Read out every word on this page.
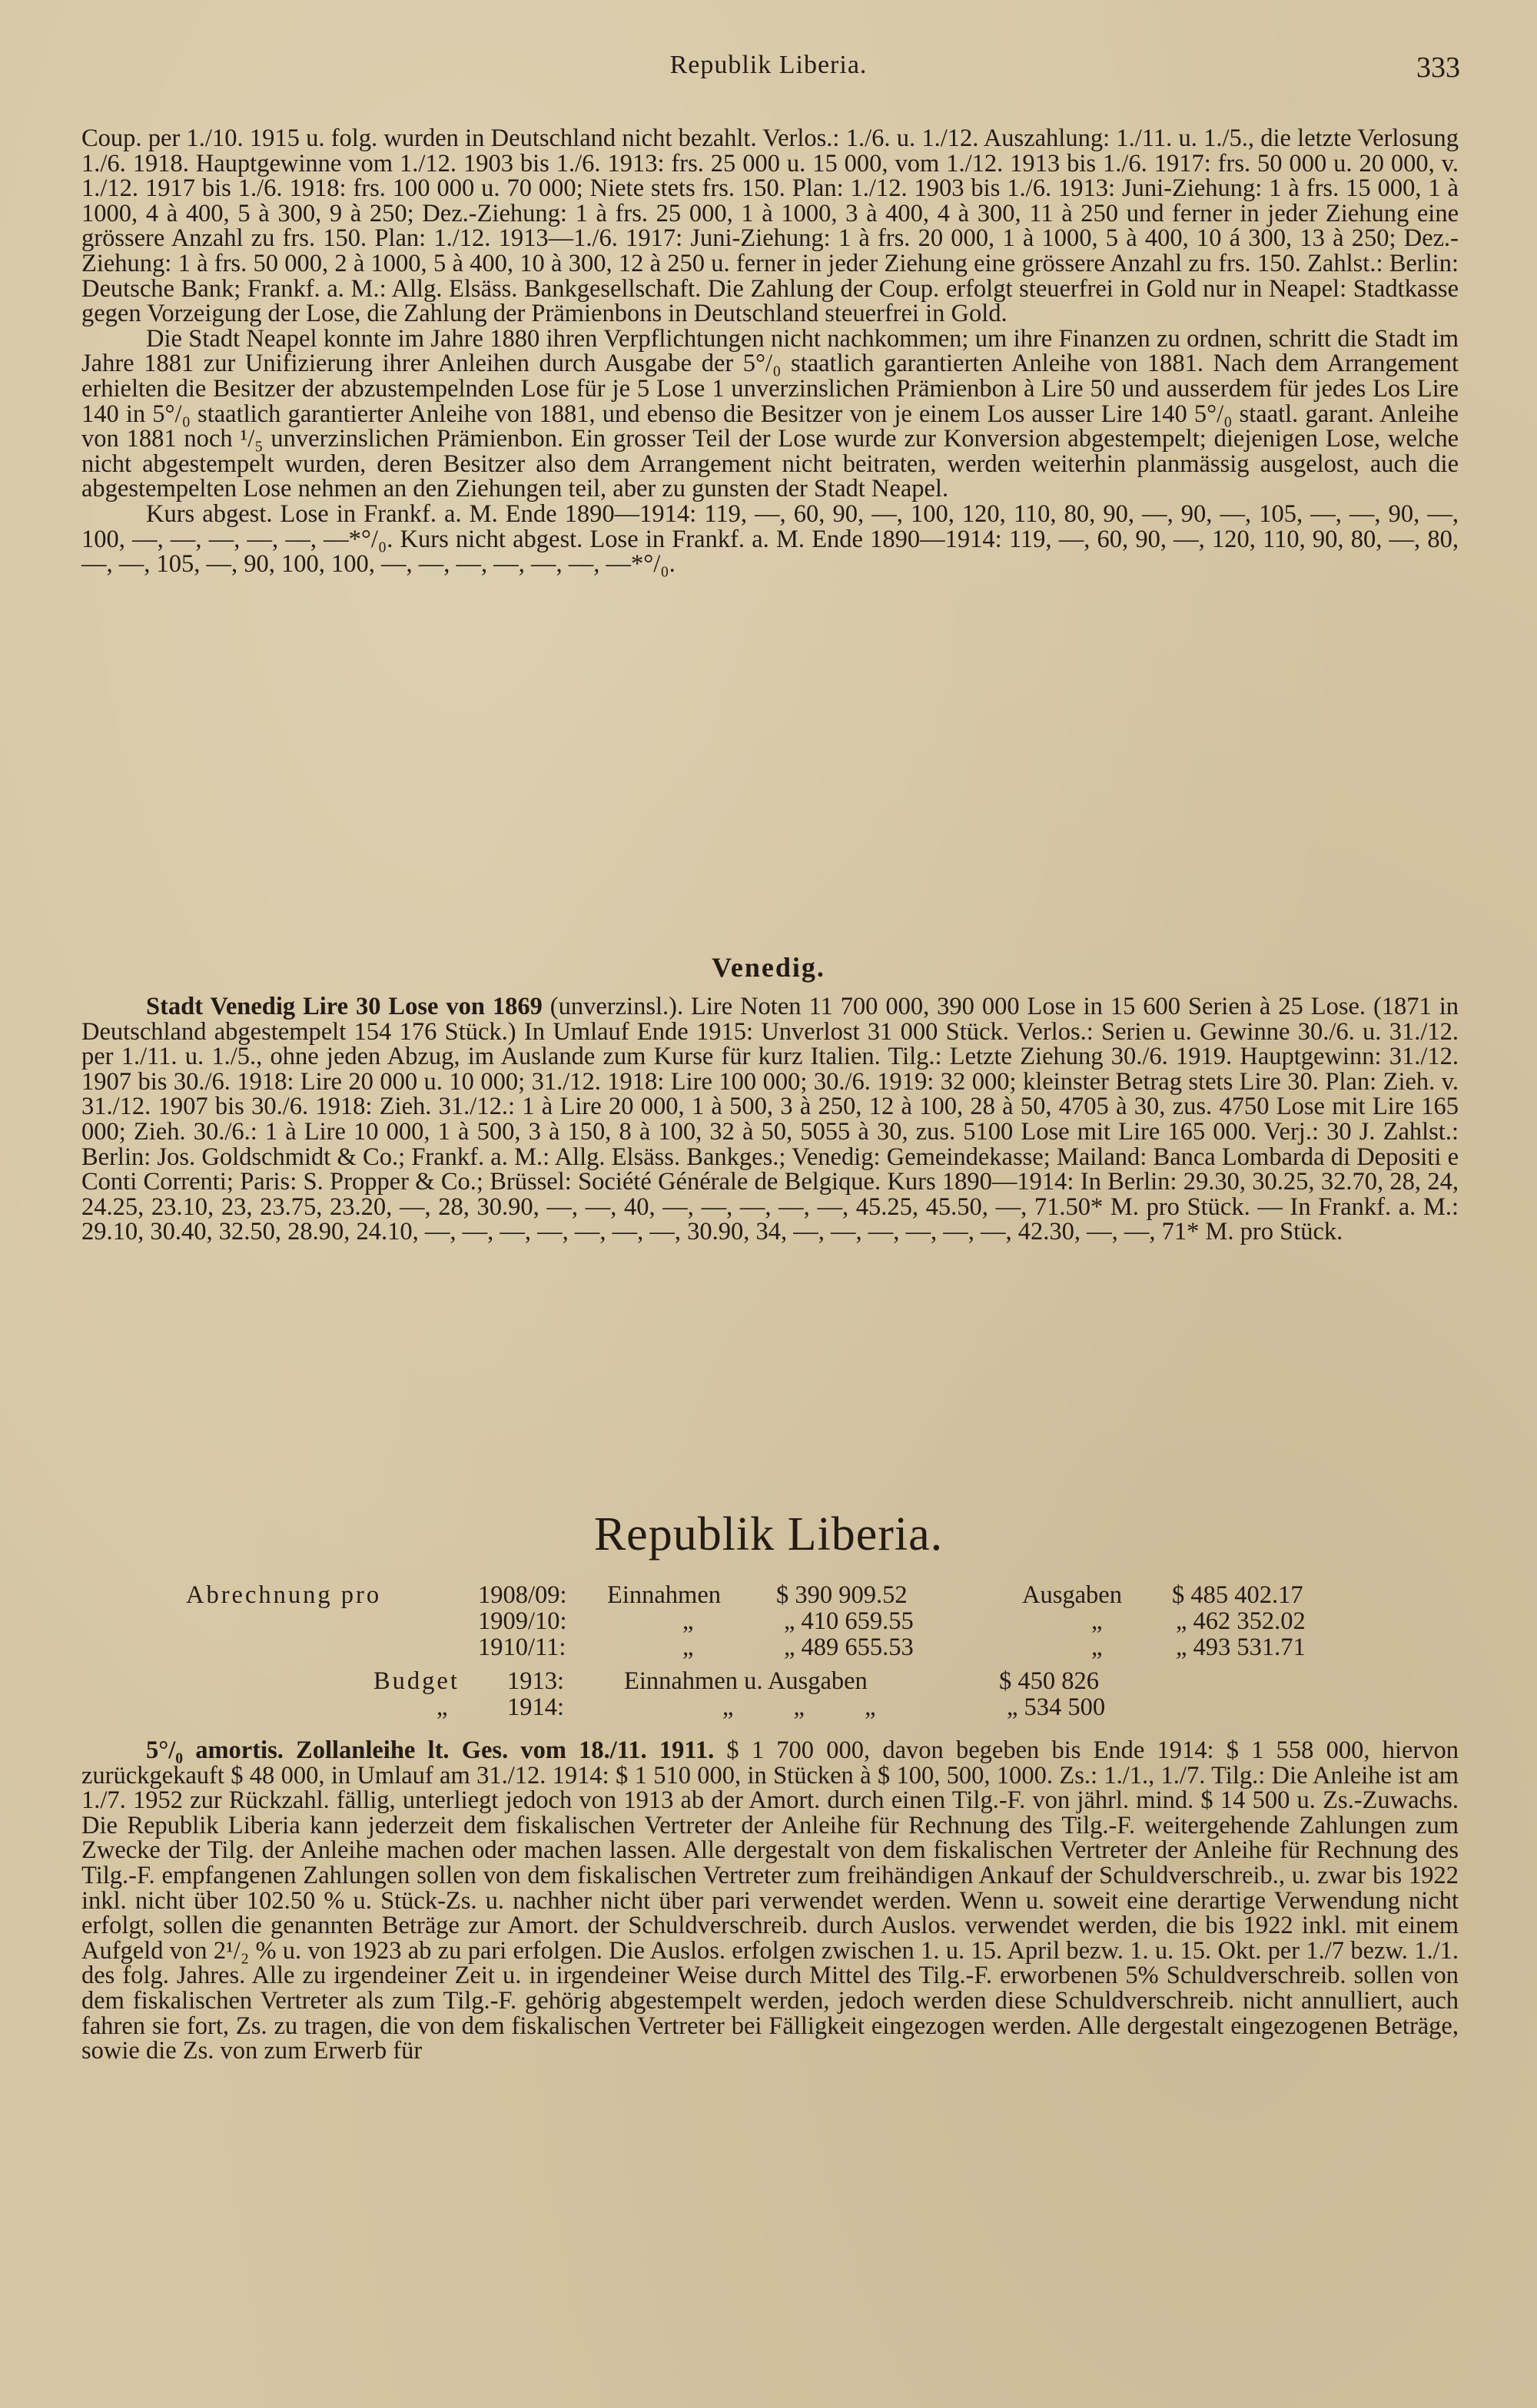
Republik Liberia.	333

Coup. per 1./10. 1915 u. folg. wurden in Deutschland nicht bezahlt. Verlos.: 1./6. u. 1./12. Auszahlung: 1./11. u. 1./5., die letzte Verlosung 1./6. 1918. Hauptgewinne vom 1./12. 1903 bis 1./6. 1913: frs. 25 000 u. 15 000, vom 1./12. 1913 bis 1./6. 1917: frs. 50 000 u. 20 000, v. 1./12. 1917 bis 1./6. 1918: frs. 100 000 u. 70 000; Niete stets frs. 150. Plan: 1./12. 1903 bis 1./6. 1913: Juni-Ziehung: 1 à frs. 15 000, 1 à 1000, 4 à 400, 5 à 300, 9 à 250; Dez.-Ziehung: 1 à frs. 25 000, 1 à 1000, 3 à 400, 4 à 300, 11 à 250 und ferner in jeder Ziehung eine grössere Anzahl zu frs. 150. Plan: 1./12. 1913—1./6. 1917: Juni-Ziehung: 1 à frs. 20 000, 1 à 1000, 5 à 400, 10 á 300, 13 à 250; Dez.-Ziehung: 1 à frs. 50 000, 2 à 1000, 5 à 400, 10 à 300, 12 à 250 u. ferner in jeder Ziehung eine grössere Anzahl zu frs. 150. Zahlst.: Berlin: Deutsche Bank; Frankf. a. M.: Allg. Elsäss. Bankgesellschaft. Die Zahlung der Coup. erfolgt steuerfrei in Gold nur in Neapel: Stadtkasse gegen Vorzeigung der Lose, die Zahlung der Prämienbons in Deutschland steuerfrei in Gold.

Die Stadt Neapel konnte im Jahre 1880 ihren Verpflichtungen nicht nachkommen; um ihre Finanzen zu ordnen, schritt die Stadt im Jahre 1881 zur Unifizierung ihrer Anleihen durch Ausgabe der 5°/₀ staatlich garantierten Anleihe von 1881. Nach dem Arrangement erhielten die Besitzer der abzustempelnden Lose für je 5 Lose 1 unverzinslichen Prämienbon à Lire 50 und ausserdem für jedes Los Lire 140 in 5°/₀ staatlich garantierter Anleihe von 1881, und ebenso die Besitzer von je einem Los ausser Lire 140 5°/₀ staatl. garant. Anleihe von 1881 noch ¹/₅ unverzinslichen Prämienbon. Ein grosser Teil der Lose wurde zur Konversion abgestempelt; diejenigen Lose, welche nicht abgestempelt wurden, deren Besitzer also dem Arrangement nicht beitraten, werden weiterhin planmässig ausgelost, auch die abgestempelten Lose nehmen an den Ziehungen teil, aber zu gunsten der Stadt Neapel.

Kurs abgest. Lose in Frankf. a. M. Ende 1890—1914: 119, —, 60, 90, —, 100, 120, 110, 80, 90, —, 90, —, 105, —, —, 90, —, 100, —, —, —, —, —, —*°/₀. Kurs nicht abgest. Lose in Frankf. a. M. Ende 1890—1914: 119, —, 60, 90, —, 120, 110, 90, 80, —, 80, —, —, 105, —, 90, 100, 100, —, —, —, —, —, —, —*°/₀.

Venedig.

Stadt Venedig Lire 30 Lose von 1869 (unverzinsl.). Lire Noten 11 700 000, 390 000 Lose in 15 600 Serien à 25 Lose. (1871 in Deutschland abgestempelt 154 176 Stück.) In Umlauf Ende 1915: Unverlost 31 000 Stück. Verlos.: Serien u. Gewinne 30./6. u. 31./12. per 1./11. u. 1./5., ohne jeden Abzug, im Auslande zum Kurse für kurz Italien. Tilg.: Letzte Ziehung 30./6. 1919. Hauptgewinn: 31./12. 1907 bis 30./6. 1918: Lire 20 000 u. 10 000; 31./12. 1918: Lire 100 000; 30./6. 1919: 32 000; kleinster Betrag stets Lire 30. Plan: Zieh. v. 31./12. 1907 bis 30./6. 1918: Zieh. 31./12.: 1 à Lire 20 000, 1 à 500, 3 à 250, 12 à 100, 28 à 50, 4705 à 30, zus. 4750 Lose mit Lire 165 000; Zieh. 30./6.: 1 à Lire 10 000, 1 à 500, 3 à 150, 8 à 100, 32 à 50, 5055 à 30, zus. 5100 Lose mit Lire 165 000. Verj.: 30 J. Zahlst.: Berlin: Jos. Goldschmidt & Co.; Frankf. a. M.: Allg. Elsäss. Bankges.; Venedig: Gemeindekasse; Mailand: Banca Lombarda di Depositi e Conti Correnti; Paris: S. Propper & Co.; Brüssel: Société Générale de Belgique. Kurs 1890—1914: In Berlin: 29.30, 30.25, 32.70, 28, 24, 24.25, 23.10, 23, 23.75, 23.20, —, 28, 30.90, —, —, 40, —, —, —, —, —, 45.25, 45.50, —, 71.50* M. pro Stück. — In Frankf. a. M.: 29.10, 30.40, 32.50, 28.90, 24.10, —, —, —, —, —, —, —, 30.90, 34, —, —, —, —, —, —, 42.30, —, —, 71* M. pro Stück.

Republik Liberia.
Abrechnung pro	1908/09: Einnahmen $ 390 909.52	Ausgaben $ 485 402.17
1909/10:	„	„ 410 659.55	„	„ 462 352.02
1910/11:	„	„ 489 655.53	„	„ 493 531.71
Budget 1913: Einnahmen u. Ausgaben	$ 450 826
„ 1914:	„ „ „	„ 534 500

5°/₀ amortis. Zollanleihe lt. Ges. vom 18./11. 1911. $ 1 700 000, davon begeben bis Ende 1914: $ 1 558 000, hiervon zurückgekauft $ 48 000, in Umlauf am 31./12. 1914: $ 1 510 000, in Stücken à $ 100, 500, 1000. Zs.: 1./1., 1./7. Tilg.: Die Anleihe ist am 1./7. 1952 zur Rückzahl. fällig, unterliegt jedoch von 1913 ab der Amort. durch einen Tilg.-F. von jährl. mind. $ 14 500 u. Zs.-Zuwachs. Die Republik Liberia kann jederzeit dem fiskalischen Vertreter der Anleihe für Rechnung des Tilg.-F. weitergehende Zahlungen zum Zwecke der Tilg. der Anleihe machen oder machen lassen. Alle dergestalt von dem fiskalischen Vertreter der Anleihe für Rechnung des Tilg.-F. empfangenen Zahlungen sollen von dem fiskalischen Vertreter zum freihändigen Ankauf der Schuldverschreib., u. zwar bis 1922 inkl. nicht über 102.50 % u. Stück-Zs. u. nachher nicht über pari verwendet werden. Wenn u. soweit eine derartige Verwendung nicht erfolgt, sollen die genannten Beträge zur Amort. der Schuldverschreib. durch Auslos. verwendet werden, die bis 1922 inkl. mit einem Aufgeld von 2¹/₂ % u. von 1923 ab zu pari erfolgen. Die Auslos. erfolgen zwischen 1. u. 15. April bezw. 1. u. 15. Okt. per 1./7 bezw. 1./1. des folg. Jahres. Alle zu irgendeiner Zeit u. in irgendeiner Weise durch Mittel des Tilg.-F. erworbenen 5% Schuldverschreib. sollen von dem fiskalischen Vertreter als zum Tilg.-F. gehörig abgestempelt werden, jedoch werden diese Schuldverschreib. nicht annulliert, auch fahren sie fort, Zs. zu tragen, die von dem fiskalischen Vertreter bei Fälligkeit eingezogen werden. Alle dergestalt eingezogenen Beträge, sowie die Zs. von zum Erwerb für
